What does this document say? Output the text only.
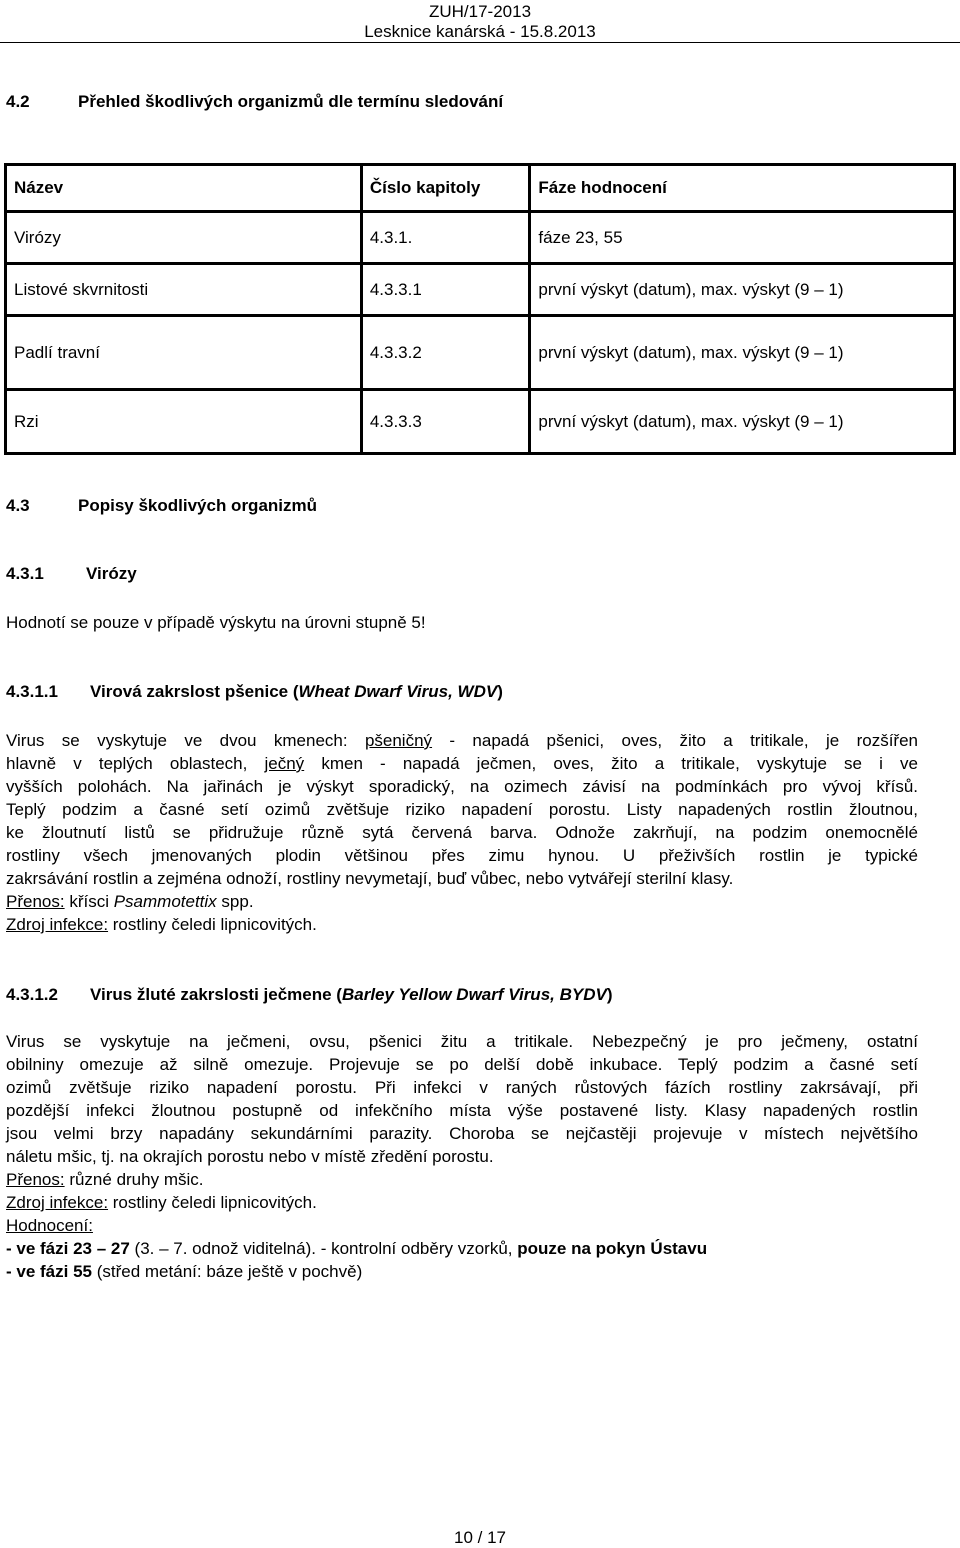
ZUH/17-2013
Lesknice kanárská - 15.8.2013
4.2	Přehled škodlivých organizmů dle termínu sledování
Název	Číslo kapitoly	Fáze hodnocení
Virózy	4.3.1.	fáze 23, 55
Listové skvrnitosti	4.3.3.1	první výskyt (datum), max. výskyt (9 – 1)
Padlí travní	4.3.3.2	první výskyt (datum), max. výskyt (9 – 1)
Rzi	4.3.3.3	první výskyt (datum), max. výskyt (9 – 1)
4.3	Popisy škodlivých organizmů
4.3.1 Virózy
Hodnotí se pouze v případě výskytu na úrovni stupně 5!
4.3.1.1 Virová zakrslost pšenice (Wheat Dwarf Virus, WDV)
Virus se vyskytuje ve dvou kmenech: pšeničný - napadá pšenici, oves, žito a tritikale, je rozšířen
hlavně v teplých oblastech, ječný kmen - napadá ječmen, oves, žito a tritikale, vyskytuje se i ve
vyšších polohách. Na jařinách je výskyt sporadický, na ozimech závisí na podmínkách pro vývoj křísů.
Teplý podzim a časné setí ozimů zvětšuje riziko napadení porostu. Listy napadených rostlin žloutnou,
ke žloutnutí listů se přidružuje různě sytá červená barva. Odnože zakrňují, na podzim onemocnělé
rostliny všech jmenovaných plodin většinou přes zimu hynou. U přeživších rostlin je typické
zakrsávání rostlin a zejména odnoží, rostliny nevymetají, buď vůbec, nebo vytvářejí sterilní klasy.
Přenos: křísci Psammotettix spp.
Zdroj infekce: rostliny čeledi lipnicovitých.
4.3.1.2 Virus žluté zakrslosti ječmene (Barley Yellow Dwarf Virus, BYDV)
Virus se vyskytuje na ječmeni, ovsu, pšenici žitu a tritikale. Nebezpečný je pro ječmeny, ostatní
obilniny omezuje až silně omezuje. Projevuje se po delší době inkubace. Teplý podzim a časné setí
ozimů zvětšuje riziko napadení porostu. Při infekci v raných růstových fázích rostliny zakrsávají, při
pozdější infekci žloutnou postupně od infekčního místa výše postavené listy. Klasy napadených rostlin
jsou velmi brzy napadány sekundárními parazity. Choroba se nejčastěji projevuje v místech největšího
náletu mšic, tj. na okrajích porostu nebo v místě zředění porostu.
Přenos: různé druhy mšic.
Zdroj infekce: rostliny čeledi lipnicovitých.
Hodnocení:
- ve fázi 23 – 27 (3. – 7. odnož viditelná). - kontrolní odběry vzorků, pouze na pokyn Ústavu
- ve fázi 55 (střed metání: báze ještě v pochvě)
10 / 17
